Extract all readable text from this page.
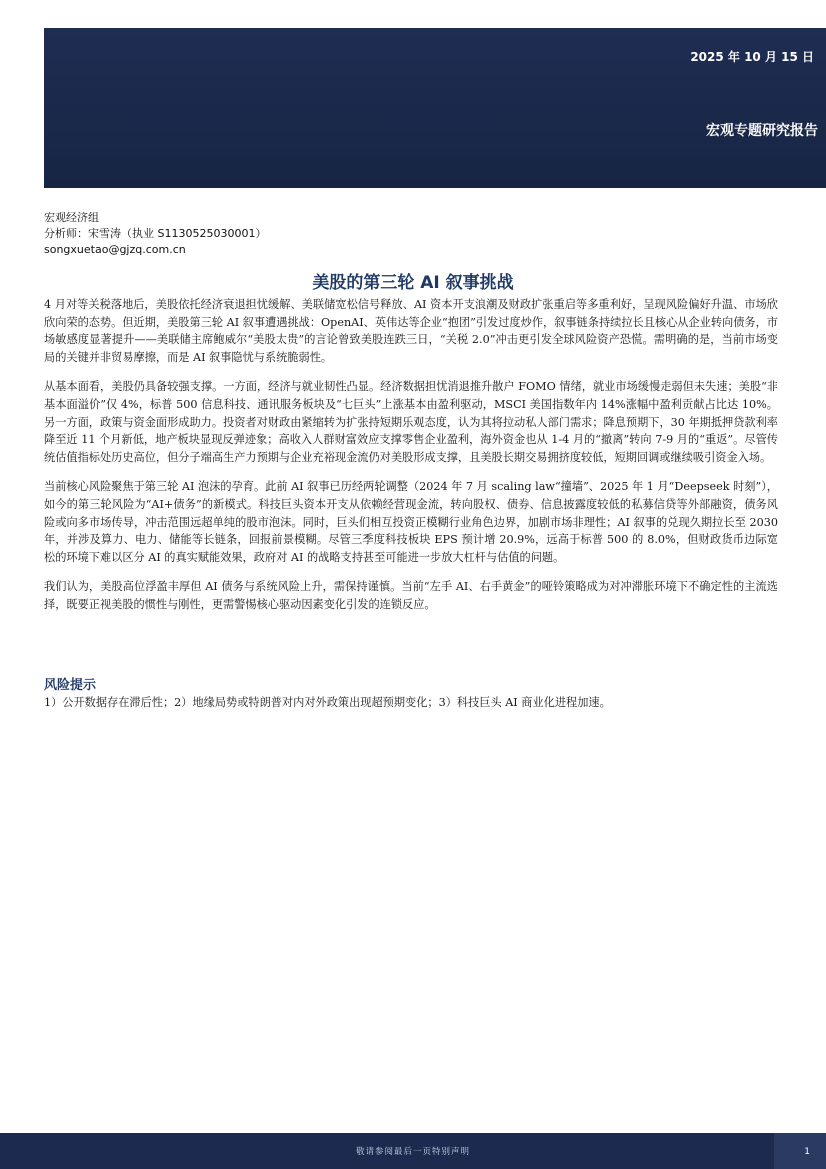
2025 年 10 月 15 日
宏观专题研究报告
宏观经济组
分析师：宋雪涛（执业 S1130525030001）
songxuetao@gjzq.com.cn
美股的第三轮 AI 叙事挑战

4 月对等关税落地后，美股依托经济衰退担忧缓解、美联储宽松信号释放、AI 资本开支浪潮及财政扩张重启等多重利好，呈现风险偏好升温、市场欣欣向荣的态势。但近期，美股第三轮 AI 叙事遭遇挑战：OpenAI、英伟达等企业“抱团”引发过度炒作，叙事链条持续拉长且核心从企业转向债务，市场敏感度显著提升——美联储主席鲍威尔“美股太贵”的言论曾致美股连跌三日，“关税 2.0”冲击更引发全球风险资产恐慌。需明确的是，当前市场变局的关键并非贸易摩擦，而是 AI 叙事隐忧与系统脆弱性。

从基本面看，美股仍具备较强支撑。一方面，经济与就业韧性凸显。经济数据担忧消退推升散户 FOMO 情绪，就业市场缓慢走弱但未失速；美股“非基本面溢价”仅 4%，标普 500 信息科技、通讯服务板块及“七巨头”上涨基本由盈利驱动，MSCI 美国指数年内 14%涨幅中盈利贡献占比达 10%。另一方面，政策与资金面形成助力。投资者对财政由紧缩转为扩张持短期乐观态度，认为其将拉动私人部门需求；降息预期下，30 年期抵押贷款利率降至近 11 个月新低，地产板块显现反弹迹象；高收入人群财富效应支撑零售企业盈利，海外资金也从 1-4 月的“撤离”转向 7-9 月的“重返”。尽管传统估值指标处历史高位，但分子端高生产力预期与企业充裕现金流仍对美股形成支撑，且美股长期交易拥挤度较低，短期回调或继续吸引资金入场。

当前核心风险聚焦于第三轮 AI 泡沫的孕育。此前 AI 叙事已历经两轮调整（2024 年 7 月 scaling law“撞墙”、2025 年 1 月“Deepseek 时刻”），如今的第三轮风险为“AI+债务”的新模式。科技巨头资本开支从依赖经营现金流，转向股权、债券、信息披露度较低的私募信贷等外部融资，债务风险或向多市场传导，冲击范围远超单纯的股市泡沫。同时，巨头们相互投资正模糊行业角色边界，加剧市场非理性；AI 叙事的兑现久期拉长至 2030 年，并涉及算力、电力、储能等长链条，回报前景模糊。尽管三季度科技板块 EPS 预计增 20.9%，远高于标普 500 的 8.0%，但财政货币边际宽松的环境下难以区分 AI 的真实赋能效果，政府对 AI 的战略支持甚至可能进一步放大杠杆与估值的问题。

我们认为，美股高位浮盈丰厚但 AI 债务与系统风险上升，需保持谨慎。当前“左手 AI、右手黄金”的哑铃策略成为对冲滞胀环境下不确定性的主流选择，既要正视美股的惯性与刚性，更需警惕核心驱动因素变化引发的连锁反应。

风险提示
1）公开数据存在滞后性；2）地缘局势或特朗普对内对外政策出现超预期变化；3）科技巨头 AI 商业化进程加速。
敬请参阅最后一页特别声明	1
